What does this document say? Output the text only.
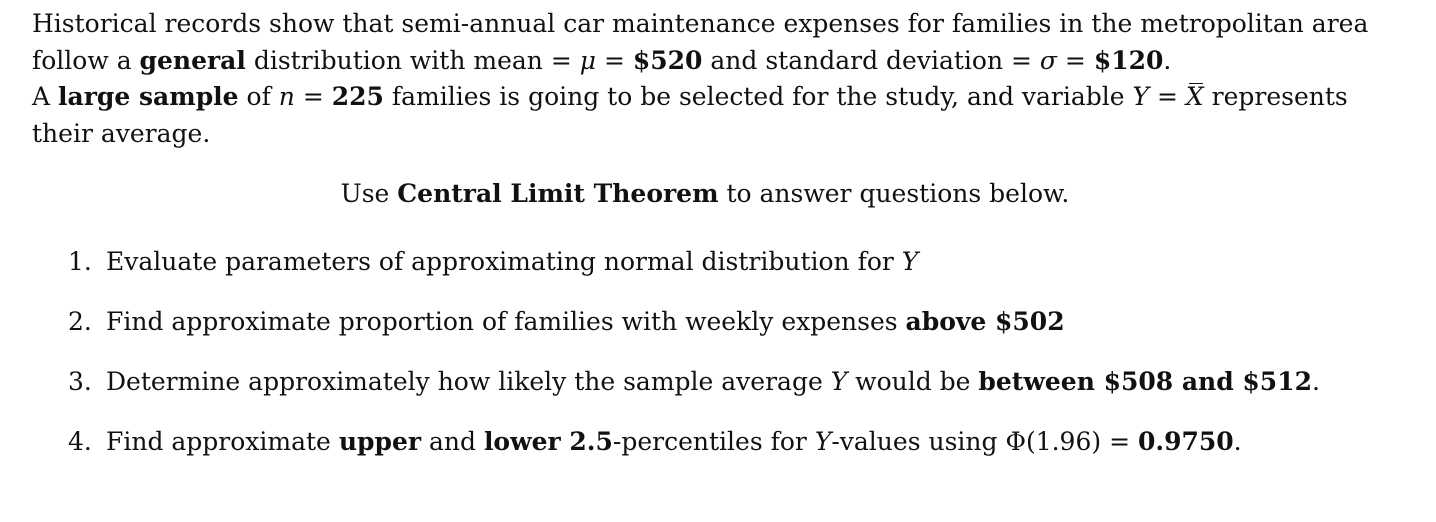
Historical records show that semi-annual car maintenance expenses for families in the metropolitan area
follow a general distribution with mean = μ = $520 and standard deviation = σ = $120.
A large sample of n = 225 families is going to be selected for the study, and variable Y = X represents
their average.
Use Central Limit Theorem to answer questions below.
1. Evaluate parameters of approximating normal distribution for Y
2. Find approximate proportion of families with weekly expenses above $502
3. Determine approximately how likely the sample average Y would be between $508 and $512.
4. Find approximate upper and lower 2.5-percentiles for Y-values using Φ(1.96) = 0.9750.
